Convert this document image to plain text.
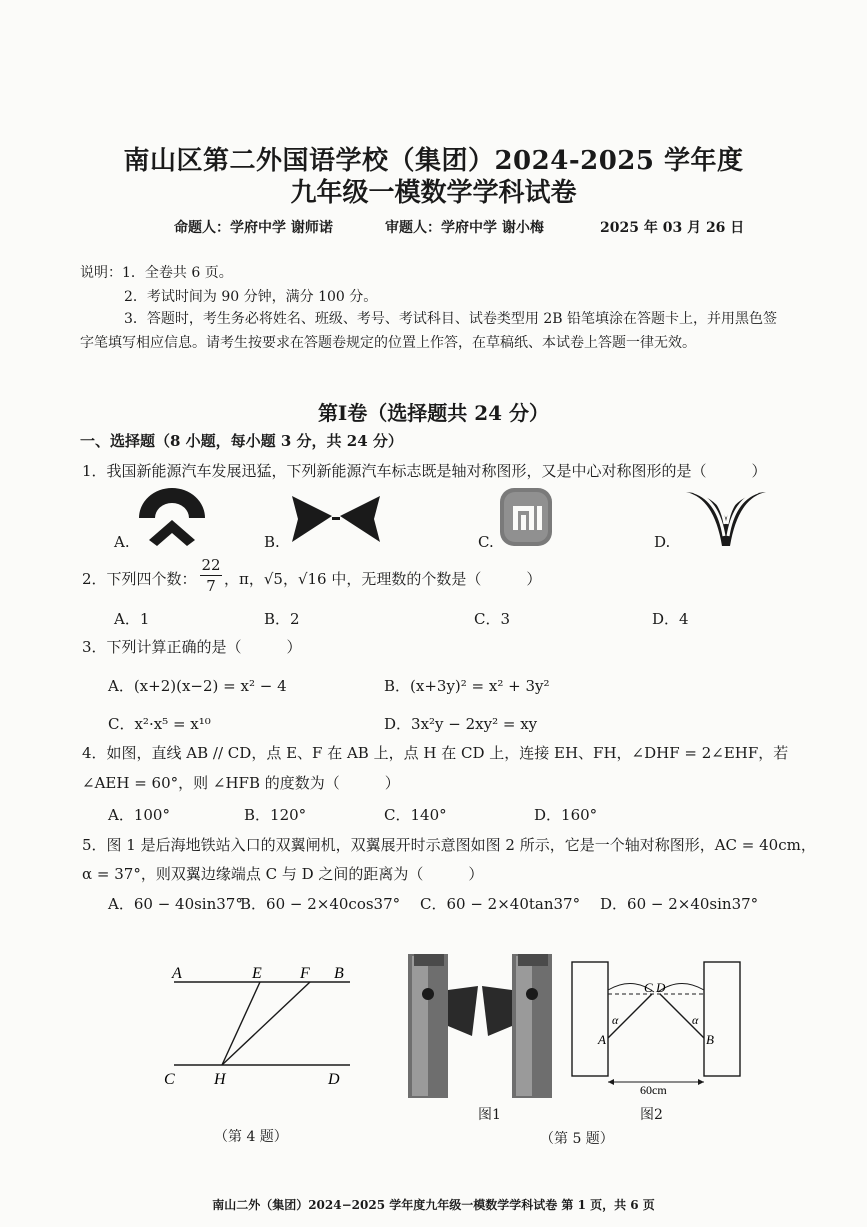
南山区第二外国语学校（集团）2024-2025 学年度
九年级一模数学学科试卷
命题人：学府中学 谢师诺	审题人：学府中学 谢小梅	2025 年 03 月 26 日
说明：1．全卷共 6 页。
2．考试时间为 90 分钟，满分 100 分。
3．答题时，考生务必将姓名、班级、考号、考试科目、试卷类型用 2B 铅笔填涂在答题卡上，并用黑色签
字笔填写相应信息。请考生按要求在答题卷规定的位置上作答，在草稿纸、本试卷上答题一律无效。
第Ⅰ卷（选择题共 24 分）
一、选择题（8 小题，每小题 3 分，共 24 分）
1．我国新能源汽车发展迅猛，下列新能源汽车标志既是轴对称图形，又是中心对称图形的是（　　　）
A.	B.	C.	D.
2．下列四个数：
22
7 ，π，√5，√16 中，无理数的个数是（　　　）
A．1	B．2	C．3	D．4
3．下列计算正确的是（　　　）
A．(x+2)(x−2) = x² − 4	B．(x+3y)² = x² + 3y²
C．x²·x⁵ = x¹⁰	D．3x²y − 2xy² = xy
4．如图，直线 AB // CD，点 E、F 在 AB 上，点 H 在 CD 上，连接 EH、FH，∠DHF = 2∠EHF，若
∠AEH = 60°，则 ∠HFB 的度数为（　　　）
A．100°	B．120°	C．140°	D．160°
5．图 1 是后海地铁站入口的双翼闸机，双翼展开时示意图如图 2 所示，它是一个轴对称图形，AC = 40cm，
α = 37°，则双翼边缘端点 C 与 D 之间的距离为（　　　）
A．60 − 40sin37°
B．60 − 2×40cos37° C．60 − 2×40tan37° D．60 − 2×40sin37°
A	E F B
C H	D
（第 4 题）
图1
C D
A	B
α	α
60cm
图2
（第 5 题）
南山二外（集团）2024−2025 学年度九年级一模数学学科试卷 第 1 页，共 6 页
